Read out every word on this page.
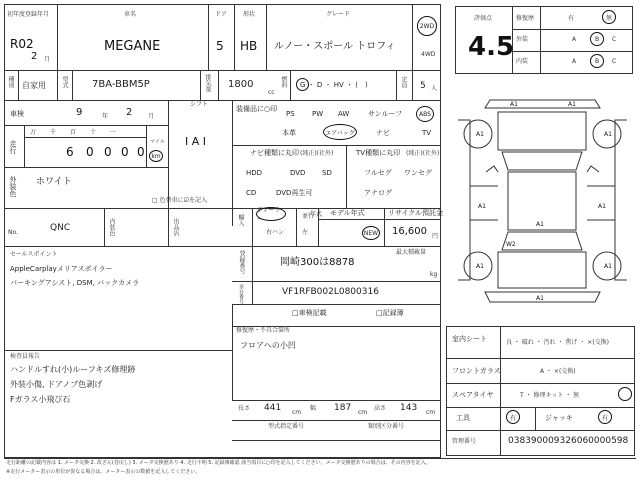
初年度登録年月
R02
2 月
車名
MEGANE
ドア
5
形状
HB
グレード
ルノー・スポール トロフィ
2WD
4WD
種別 自家用	型式 7BA-BBM5P	排気量 1800
cc
燃料 G ・ D ・ HV ・ (　)	定員 5 人
車検	9	年 2	月
シフト
I A I
走行
万 千 百 十 一
6 0 0 0 0
マイル
km
外装色 ホワイト
□ 色替車に☑を記入
No.	QNC	内装色	出品店
セールスポイント
AppleCarplayメリアスポイラー
パーキングアシスト, DSM, バックカメラ
検査員報告
ハンドルすれ(小)ルーフキズ修理跡
外装小傷, ドアノブ色剥げ
Fガラス小飛び石
装備品に○印
PS PW AW	サンルーフ	ABS
本革	エアバッグ	ナビ	TV
ナビ種類に丸印 (純正)(社外)
HDD	DVD SD
CD	DVD再生可
TV種類に丸印 (純正)(社外)
フルセグ ワンセグ
アナログ
輸入
ディーラー
右ハン
並行
左
年式 モデル年式
NEW
リサイクル預託金
16,600 円
登録番号	岡崎300は8878
最大積載量
kg
車台番号	VF1RFB002L0800316
□車検記載	□記録簿
修復歴・不具合箇所
フロアへの小凹
長さ 441 cm
幅 187 cm
高さ 143 cm
型式指定番号	類別区分番号
走行距離の記載内容は 1. メータ交換 2. 改ざん(巻戻し) 3. メータ交換歴あり 4. 走行不明 5. 記録簿確認 該当項目に○印を記入してください。メータ交換歴ありの場合は、その内容を記入。
※走行メーター表示の単位が異なる場合は、メーター表示の数値を記入してください。
評価点
4.5
修復歴	有	無
外装	A	B C
内装	A	B C
A1	A1
A1	A1
A1	A1
A1
W2
A1	A1
A1
室内シート	良 ・ 破れ ・ 汚れ ・ 焦げ ・ ×(交換)
フロントガラス	A ・ ×(交換)
スペアタイヤ	T ・ 修理キット ・ 無
工具	有	ジャッキ	有
管理番号	038390009326060000598
